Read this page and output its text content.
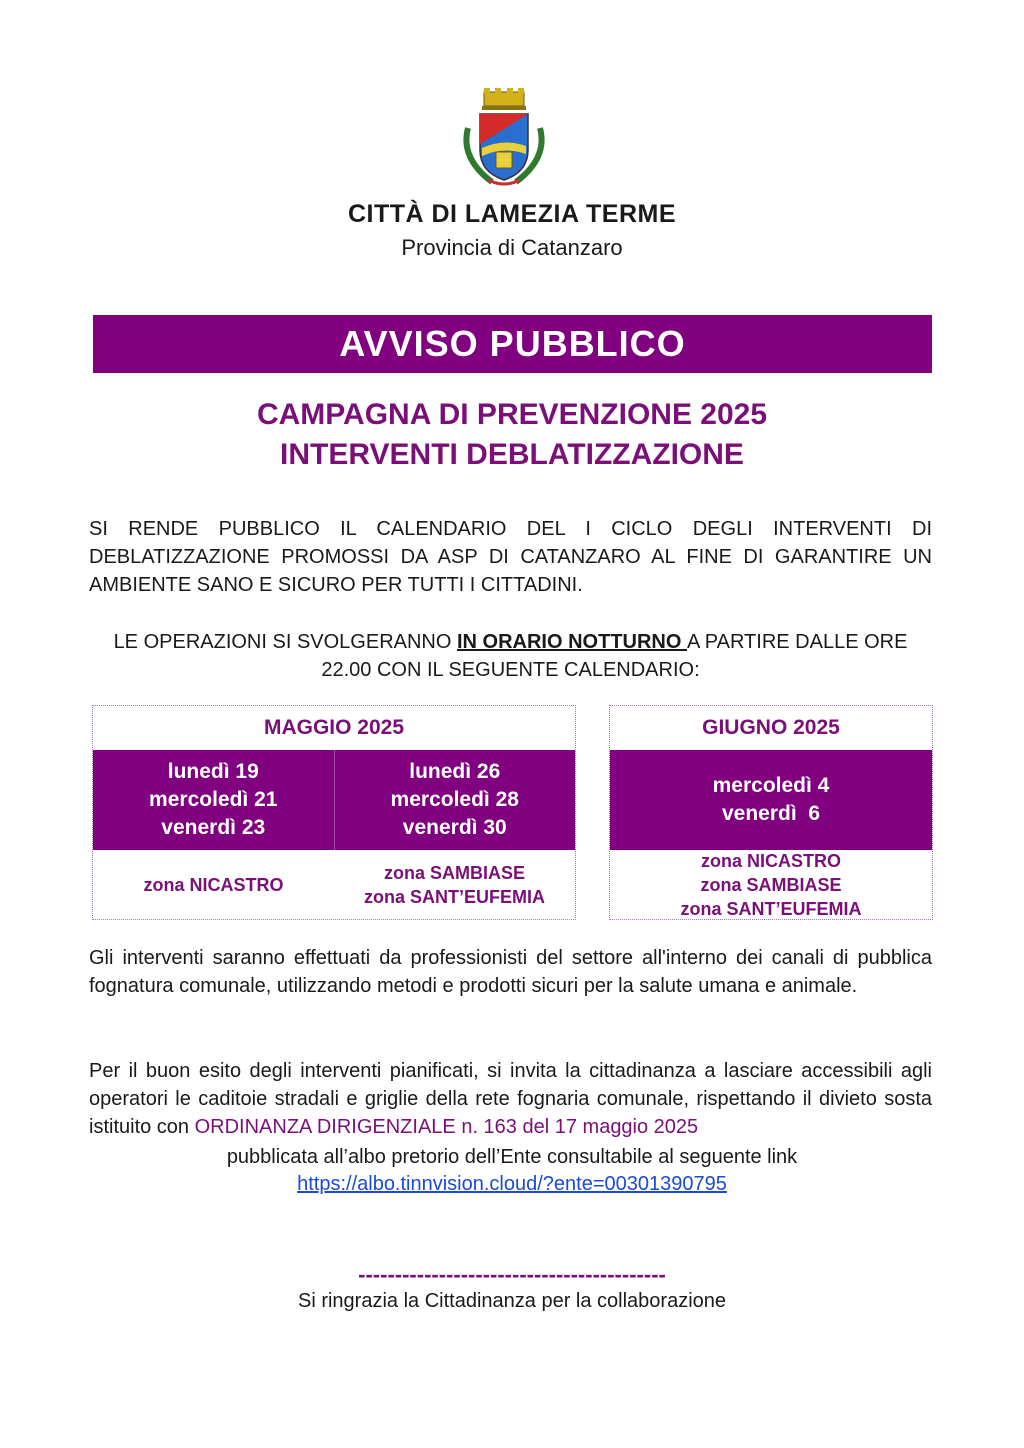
CITTÀ DI LAMEZIA TERME
Provincia di Catanzaro
AVVISO PUBBLICO
CAMPAGNA DI PREVENZIONE 2025
INTERVENTI DEBLATIZZAZIONE
SI RENDE PUBBLICO IL CALENDARIO DEL I CICLO DEGLI INTERVENTI DI DEBLATIZZAZIONE PROMOSSI DA ASP DI CATANZARO AL FINE DI GARANTIRE UN AMBIENTE SANO E SICURO PER TUTTI I CITTADINI.
LE OPERAZIONI SI SVOLGERANNO IN ORARIO NOTTURNO A PARTIRE DALLE ORE 22.00 CON IL SEGUENTE CALENDARIO:
MAGGIO 2025
lunedì 19
mercoledì 21
venerdì 23
lunedì 26
mercoledì 28
venerdì 30
zona NICASTRO
zona SAMBIASE
zona SANT’EUFEMIA
GIUGNO 2025
mercoledì 4
venerdì  6
zona NICASTRO
zona SAMBIASE
zona SANT’EUFEMIA
Gli interventi saranno effettuati da professionisti del settore all'interno dei canali di pubblica fognatura comunale, utilizzando metodi e prodotti sicuri per la salute umana e animale.
Per il buon esito degli interventi pianificati, si invita la cittadinanza a lasciare accessibili agli operatori le caditoie stradali e griglie della rete fognaria comunale, rispettando il divieto sosta istituito con ORDINANZA DIRIGENZIALE n. 163 del 17 maggio 2025
pubblicata all’albo pretorio dell’Ente consultabile al seguente link
https://albo.tinnvision.cloud/?ente=00301390795
------------------------------------------
Si ringrazia la Cittadinanza per la collaborazione
